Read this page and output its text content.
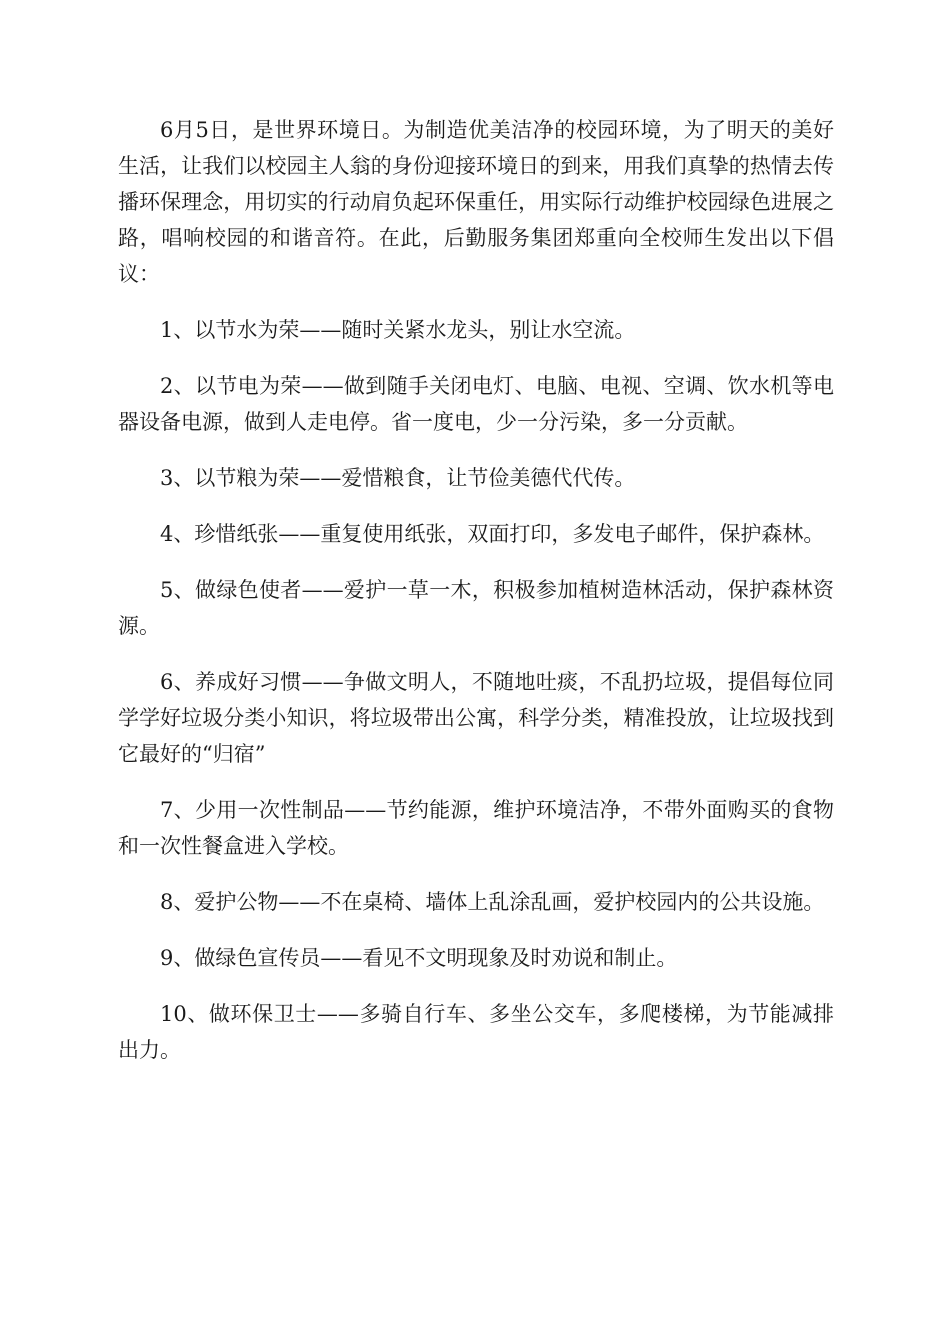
6月5日，是世界环境日。为制造优美洁净的校园环境，为了明天的美好生活，让我们以校园主人翁的身份迎接环境日的到来，用我们真挚的热情去传播环保理念，用切实的行动肩负起环保重任，用实际行动维护校园绿色进展之路，唱响校园的和谐音符。在此，后勤服务集团郑重向全校师生发出以下倡议：

1、以节水为荣——随时关紧水龙头，别让水空流。

2、以节电为荣——做到随手关闭电灯、电脑、电视、空调、饮水机等电器设备电源，做到人走电停。省一度电，少一分污染，多一分贡献。

3、以节粮为荣——爱惜粮食，让节俭美德代代传。

4、珍惜纸张——重复使用纸张，双面打印，多发电子邮件，保护森林。

5、做绿色使者——爱护一草一木，积极参加植树造林活动，保护森林资源。

6、养成好习惯——争做文明人，不随地吐痰，不乱扔垃圾，提倡每位同学学好垃圾分类小知识，将垃圾带出公寓，科学分类，精准投放，让垃圾找到它最好的“归宿”

7、少用一次性制品——节约能源，维护环境洁净，不带外面购买的食物和一次性餐盒进入学校。

8、爱护公物——不在桌椅、墙体上乱涂乱画，爱护校园内的公共设施。

9、做绿色宣传员——看见不文明现象及时劝说和制止。

10、做环保卫士——多骑自行车、多坐公交车，多爬楼梯，为节能减排出力。
